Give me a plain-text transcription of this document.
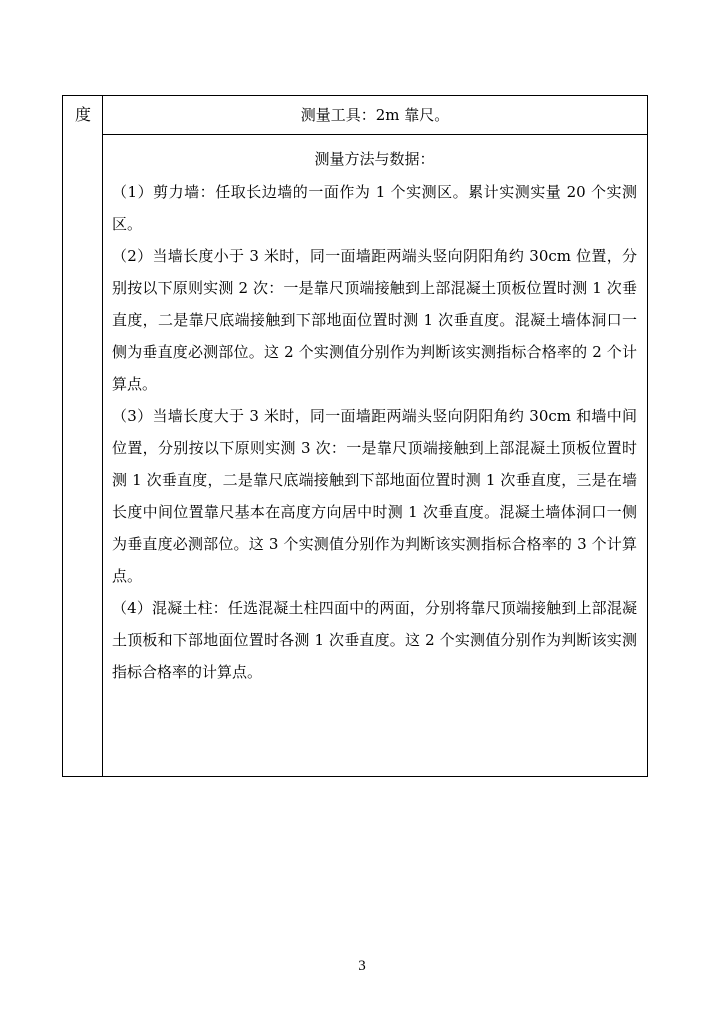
度	测量工具：2m 靠尺。
测量方法与数据：
（1）剪力墙：任取长边墙的一面作为 1 个实测区。累计实测实量 20 个实测区。
（2）当墙长度小于 3 米时，同一面墙距两端头竖向阴阳角约 30cm 位置，分别按以下原则实测 2 次：一是靠尺顶端接触到上部混凝土顶板位置时测 1 次垂直度，二是靠尺底端接触到下部地面位置时测 1 次垂直度。混凝土墙体洞口一侧为垂直度必测部位。这 2 个实测值分别作为判断该实测指标合格率的 2 个计算点。
（3）当墙长度大于 3 米时，同一面墙距两端头竖向阴阳角约 30cm 和墙中间位置，分别按以下原则实测 3 次：一是靠尺顶端接触到上部混凝土顶板位置时测 1 次垂直度，二是靠尺底端接触到下部地面位置时测 1 次垂直度，三是在墙长度中间位置靠尺基本在高度方向居中时测 1 次垂直度。混凝土墙体洞口一侧为垂直度必测部位。这 3 个实测值分别作为判断该实测指标合格率的 3 个计算点。
（4）混凝土柱：任选混凝土柱四面中的两面，分别将靠尺顶端接触到上部混凝土顶板和下部地面位置时各测 1 次垂直度。这 2 个实测值分别作为判断该实测指标合格率的计算点。
3
